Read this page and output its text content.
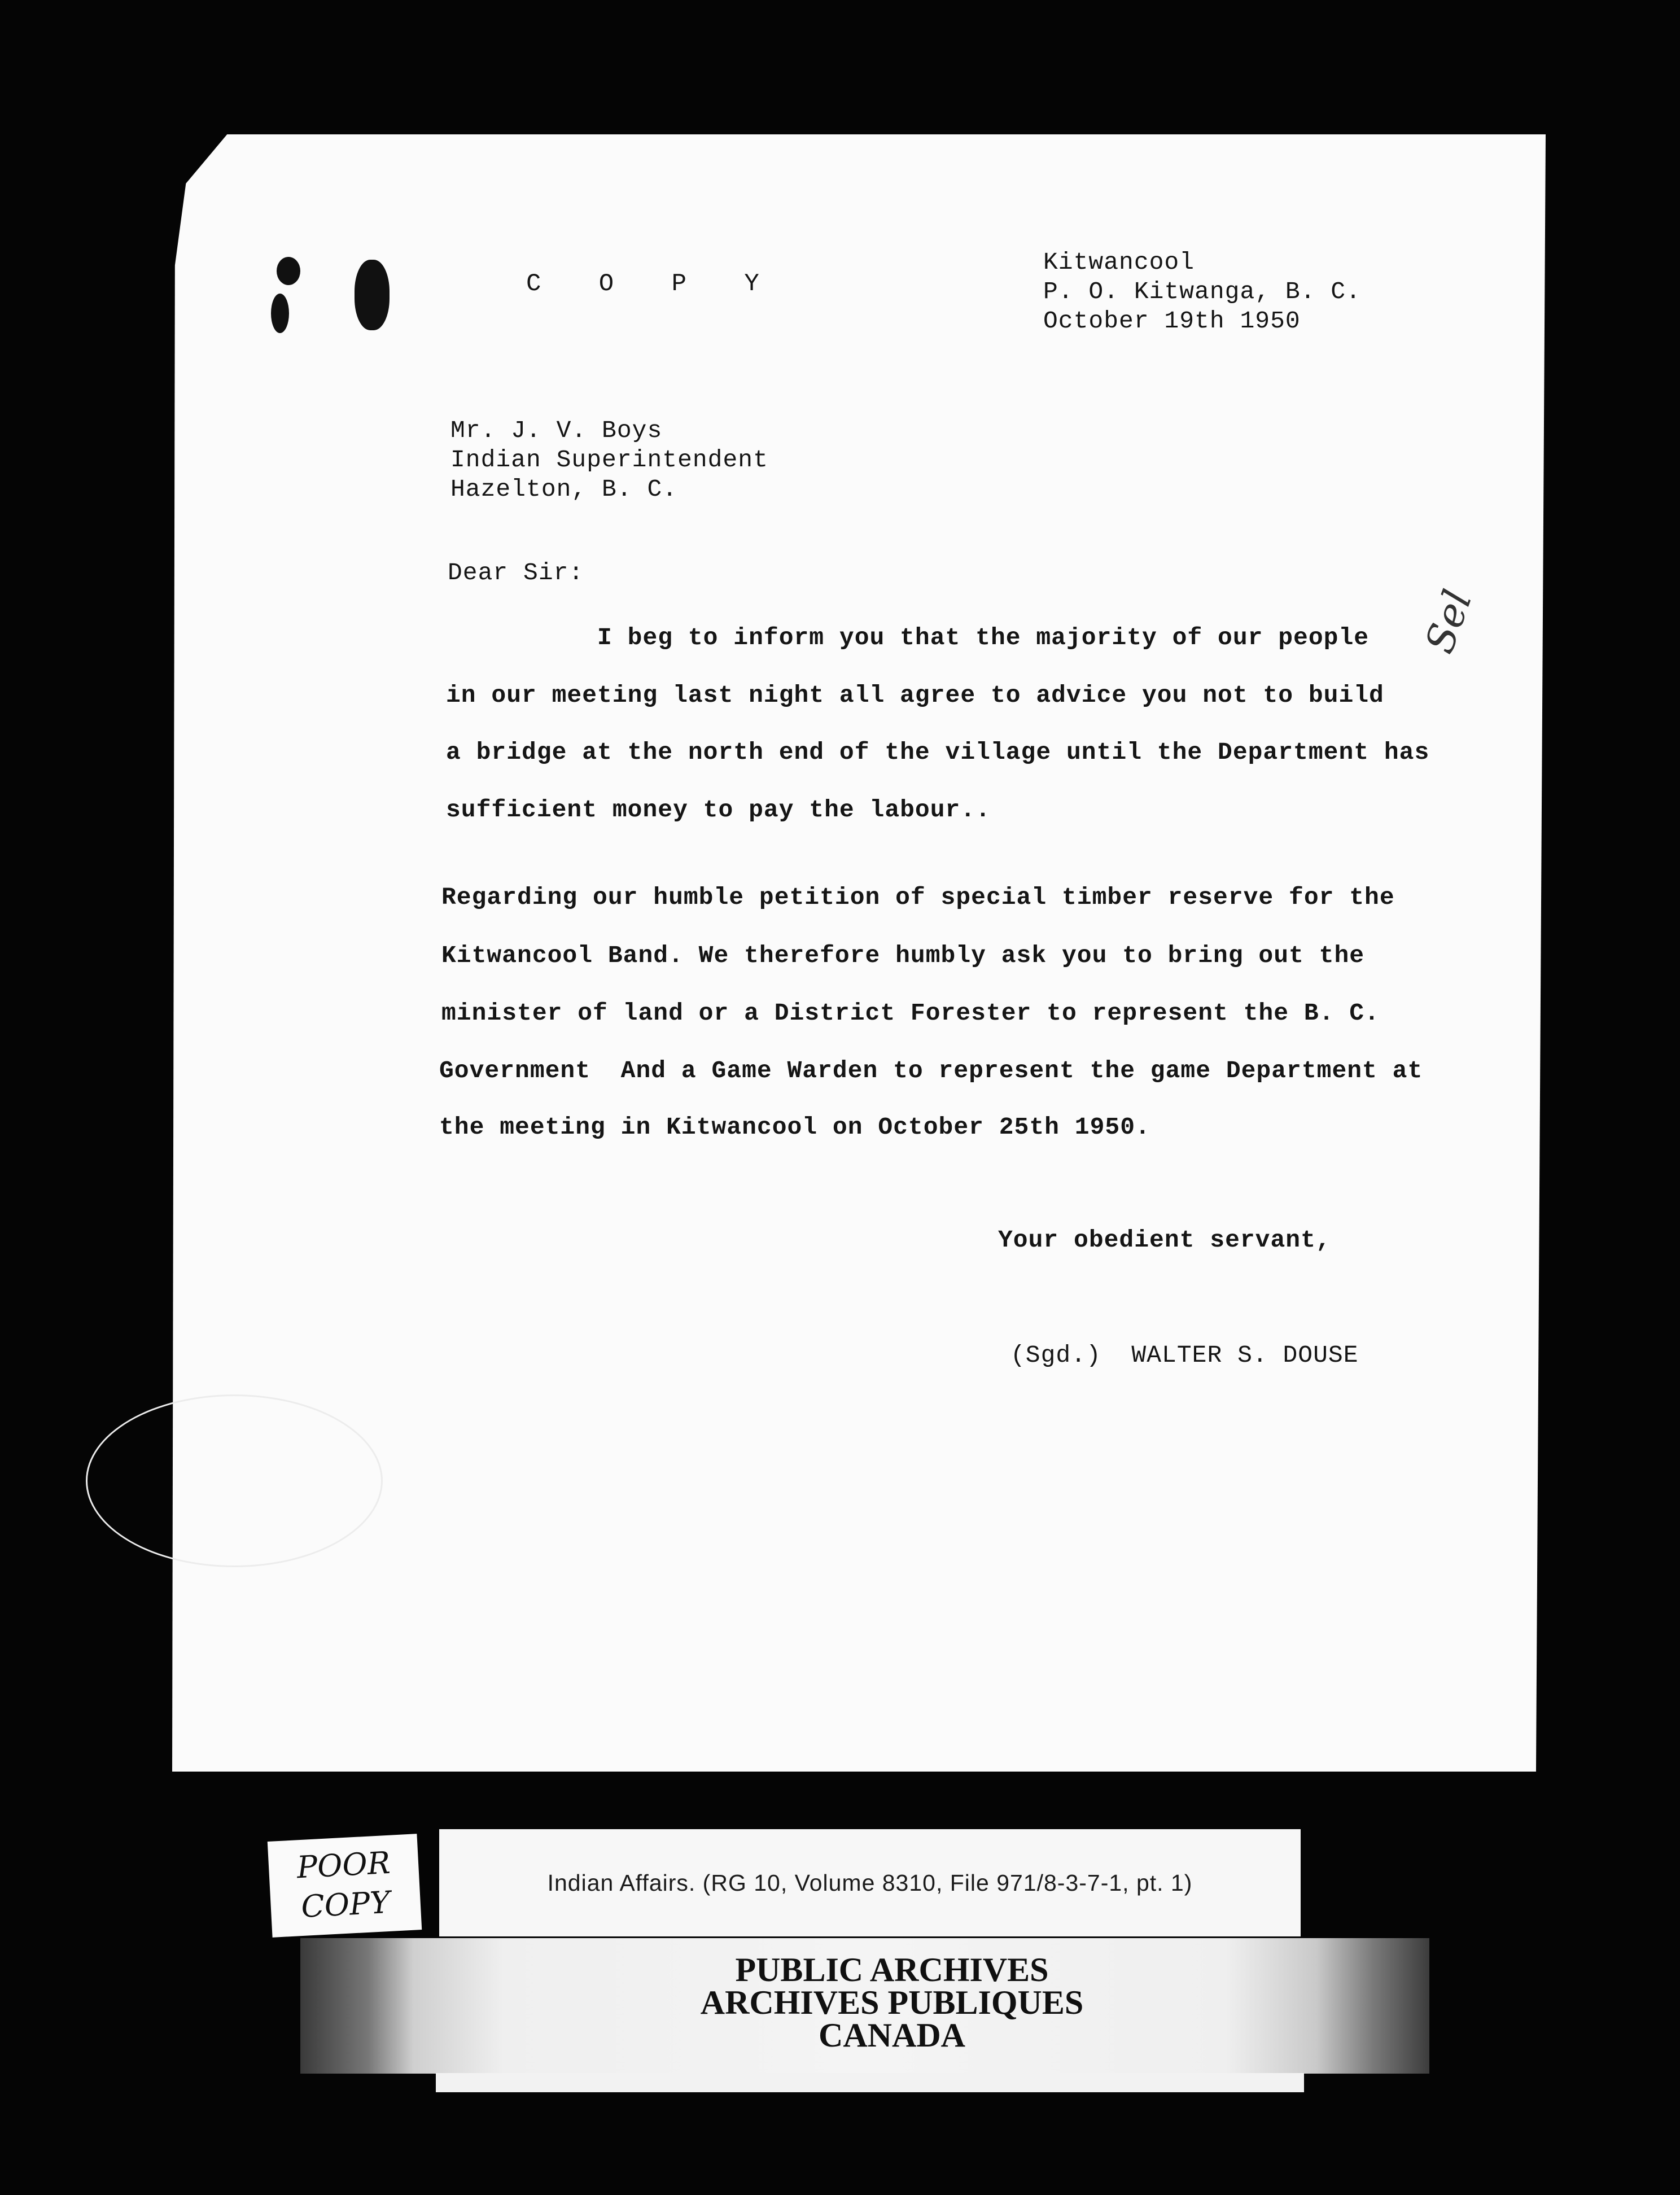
C O P Y
Kitwancool
P. O. Kitwanga, B. C.
October 19th 1950
Mr. J. V. Boys
Indian Superintendent
Hazelton, B. C.
Dear Sir:
I beg to inform you that the majority of our people
in our meeting last night all agree to advice you not to build
a bridge at the north end of the village until the Department has
sufficient money to pay the labour..
Regarding our humble petition of special timber reserve for the
Kitwancool Band. We therefore humbly ask you to bring out the
minister of land or a District Forester to represent the B. C.
Government  And a Game Warden to represent the game Department at
the meeting in Kitwancool on October 25th 1950.
Your obedient servant,
(Sgd.)  WALTER S. DOUSE
Sel
POOR
COPY
Indian Affairs. (RG 10, Volume 8310, File 971/8-3-7-1, pt. 1)
PUBLIC ARCHIVES
ARCHIVES PUBLIQUES
CANADA
